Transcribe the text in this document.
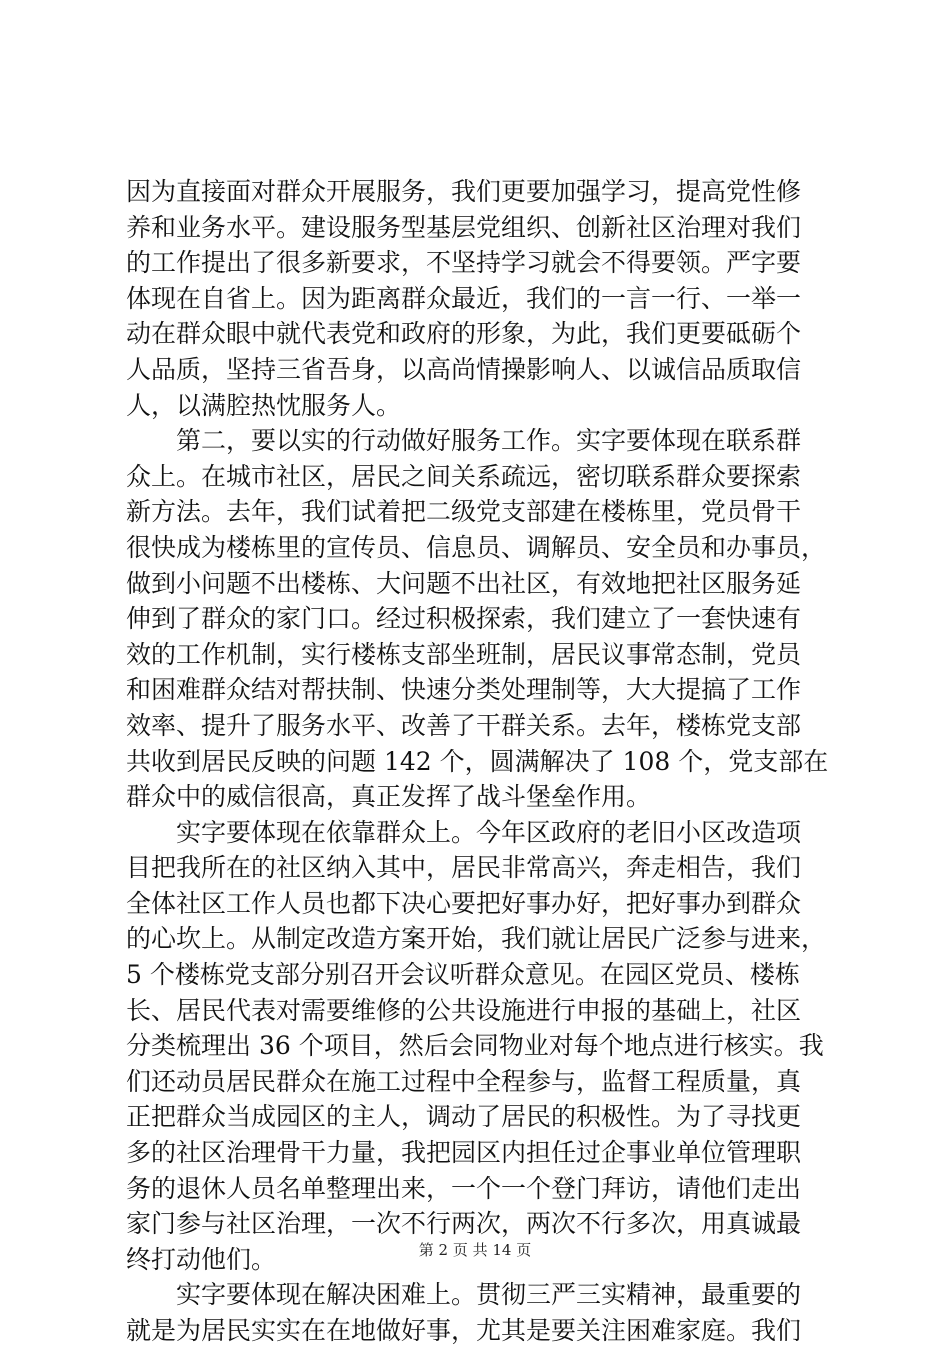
因为直接面对群众开展服务，我们更要加强学习，提高党性修
养和业务水平。建设服务型基层党组织、创新社区治理对我们
的工作提出了很多新要求，不坚持学习就会不得要领。严字要
体现在自省上。因为距离群众最近，我们的一言一行、一举一
动在群众眼中就代表党和政府的形象，为此，我们更要砥砺个
人品质，坚持三省吾身，以高尚情操影响人、以诚信品质取信
人，以满腔热忱服务人。
　　第二，要以实的行动做好服务工作。实字要体现在联系群
众上。在城市社区，居民之间关系疏远，密切联系群众要探索
新方法。去年，我们试着把二级党支部建在楼栋里，党员骨干
很快成为楼栋里的宣传员、信息员、调解员、安全员和办事员，
做到小问题不出楼栋、大问题不出社区，有效地把社区服务延
伸到了群众的家门口。经过积极探索，我们建立了一套快速有
效的工作机制，实行楼栋支部坐班制，居民议事常态制，党员
和困难群众结对帮扶制、快速分类处理制等，大大提搞了工作
效率、提升了服务水平、改善了干群关系。去年，楼栋党支部
共收到居民反映的问题 142 个，圆满解决了 108 个，党支部在
群众中的威信很高，真正发挥了战斗堡垒作用。
　　实字要体现在依靠群众上。今年区政府的老旧小区改造项
目把我所在的社区纳入其中，居民非常高兴，奔走相告，我们
全体社区工作人员也都下决心要把好事办好，把好事办到群众
的心坎上。从制定改造方案开始，我们就让居民广泛参与进来，
5 个楼栋党支部分别召开会议听群众意见。在园区党员、楼栋
长、居民代表对需要维修的公共设施进行申报的基础上，社区
分类梳理出 36 个项目，然后会同物业对每个地点进行核实。我
们还动员居民群众在施工过程中全程参与，监督工程质量，真
正把群众当成园区的主人，调动了居民的积极性。为了寻找更
多的社区治理骨干力量，我把园区内担任过企事业单位管理职
务的退休人员名单整理出来，一个一个登门拜访，请他们走出
家门参与社区治理，一次不行两次，两次不行多次，用真诚最
终打动他们。
　　实字要体现在解决困难上。贯彻三严三实精神，最重要的
就是为居民实实在在地做好事，尤其是要关注困难家庭。我们
第 2 页 共 14 页
